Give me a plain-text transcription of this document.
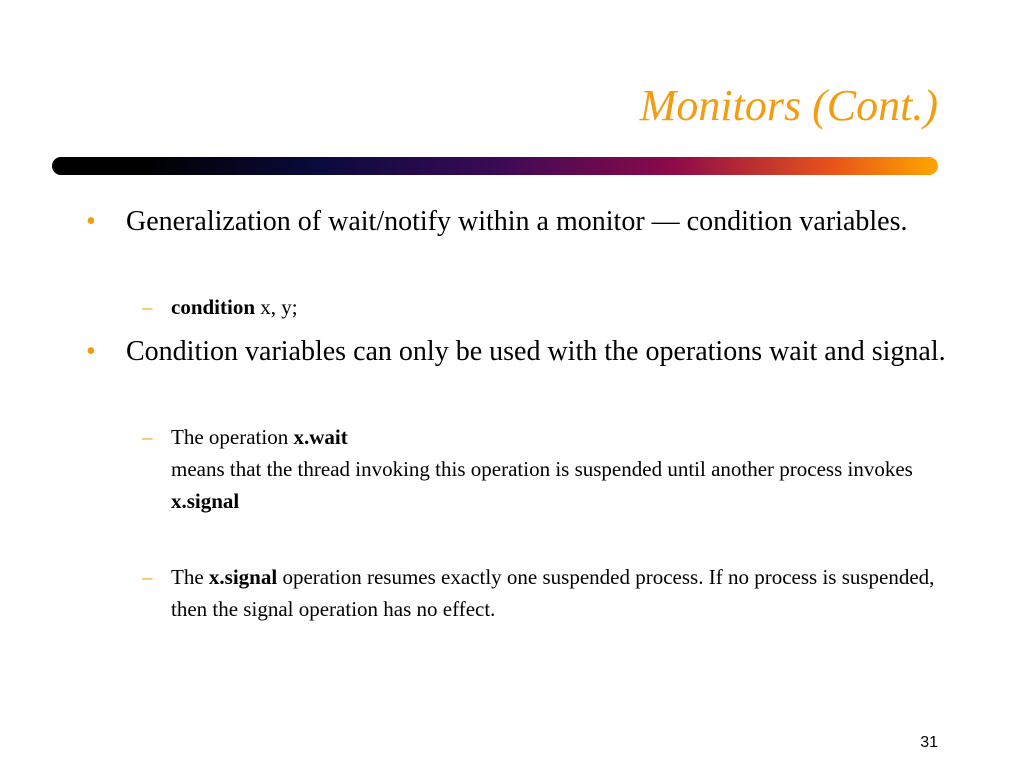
Monitors (Cont.)
• Generalization of wait/notify within a monitor — condition variables.
– condition x, y;
• Condition variables can only be used with the operations wait and signal.
– The operation x.wait
means that the thread invoking this operation is suspended until another process invokes
x.signal
– The x.signal operation resumes exactly one suspended process. If no process is suspended, then the signal operation has no effect.
31
